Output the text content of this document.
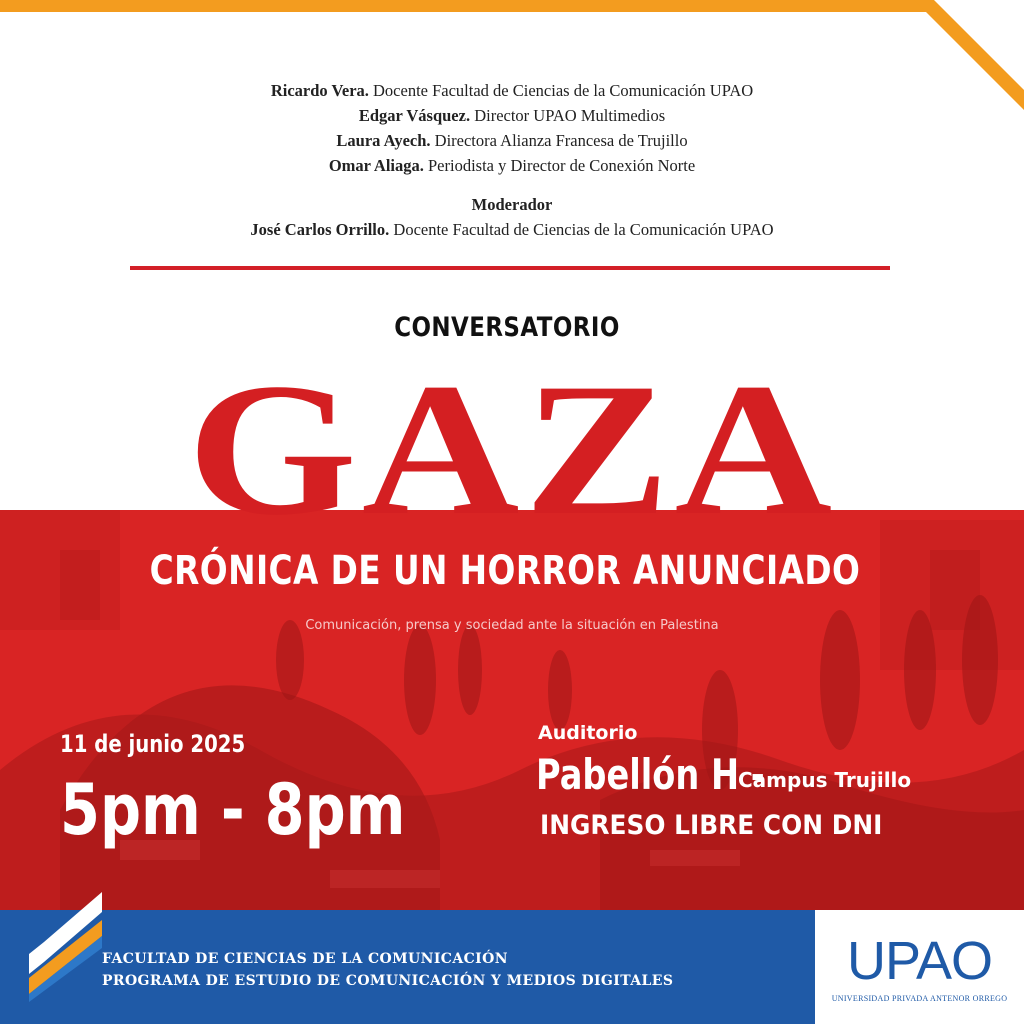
Ricardo Vera. Docente Facultad de Ciencias de la Comunicación UPAO
Edgar Vásquez. Director UPAO Multimedios
Laura Ayech. Directora Alianza Francesa de Trujillo
Omar Aliaga. Periodista y Director de Conexión Norte
Moderador
José Carlos Orrillo. Docente Facultad de Ciencias de la Comunicación UPAO
CONVERSATORIO
GAZA
CRÓNICA DE UN HORROR ANUNCIADO
Comunicación, prensa y sociedad ante la situación en Palestina
11 de junio 2025
5pm - 8pm
Auditorio
Pabellón H -
Campus Trujillo
INGRESO LIBRE CON DNI
FACULTAD DE CIENCIAS DE LA COMUNICACIÓN
PROGRAMA DE ESTUDIO DE COMUNICACIÓN Y MEDIOS DIGITALES	UPAO
UNIVERSIDAD PRIVADA ANTENOR ORREGO
